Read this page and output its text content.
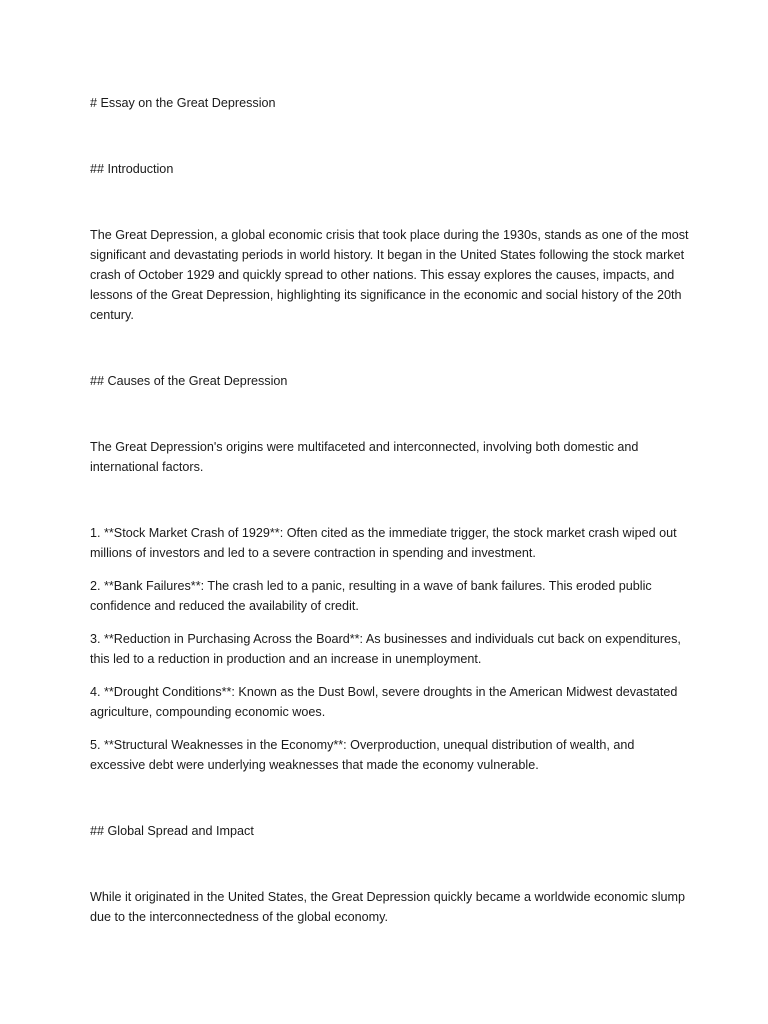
# Essay on the Great Depression

## Introduction

The Great Depression, a global economic crisis that took place during the 1930s, stands as one of the most significant and devastating periods in world history. It began in the United States following the stock market crash of October 1929 and quickly spread to other nations. This essay explores the causes, impacts, and lessons of the Great Depression, highlighting its significance in the economic and social history of the 20th century.

## Causes of the Great Depression

The Great Depression's origins were multifaceted and interconnected, involving both domestic and international factors.

1. **Stock Market Crash of 1929**: Often cited as the immediate trigger, the stock market crash wiped out millions of investors and led to a severe contraction in spending and investment.

2. **Bank Failures**: The crash led to a panic, resulting in a wave of bank failures. This eroded public confidence and reduced the availability of credit.

3. **Reduction in Purchasing Across the Board**: As businesses and individuals cut back on expenditures, this led to a reduction in production and an increase in unemployment.

4. **Drought Conditions**: Known as the Dust Bowl, severe droughts in the American Midwest devastated agriculture, compounding economic woes.

5. **Structural Weaknesses in the Economy**: Overproduction, unequal distribution of wealth, and excessive debt were underlying weaknesses that made the economy vulnerable.

## Global Spread and Impact

While it originated in the United States, the Great Depression quickly became a worldwide economic slump due to the interconnectedness of the global economy.
